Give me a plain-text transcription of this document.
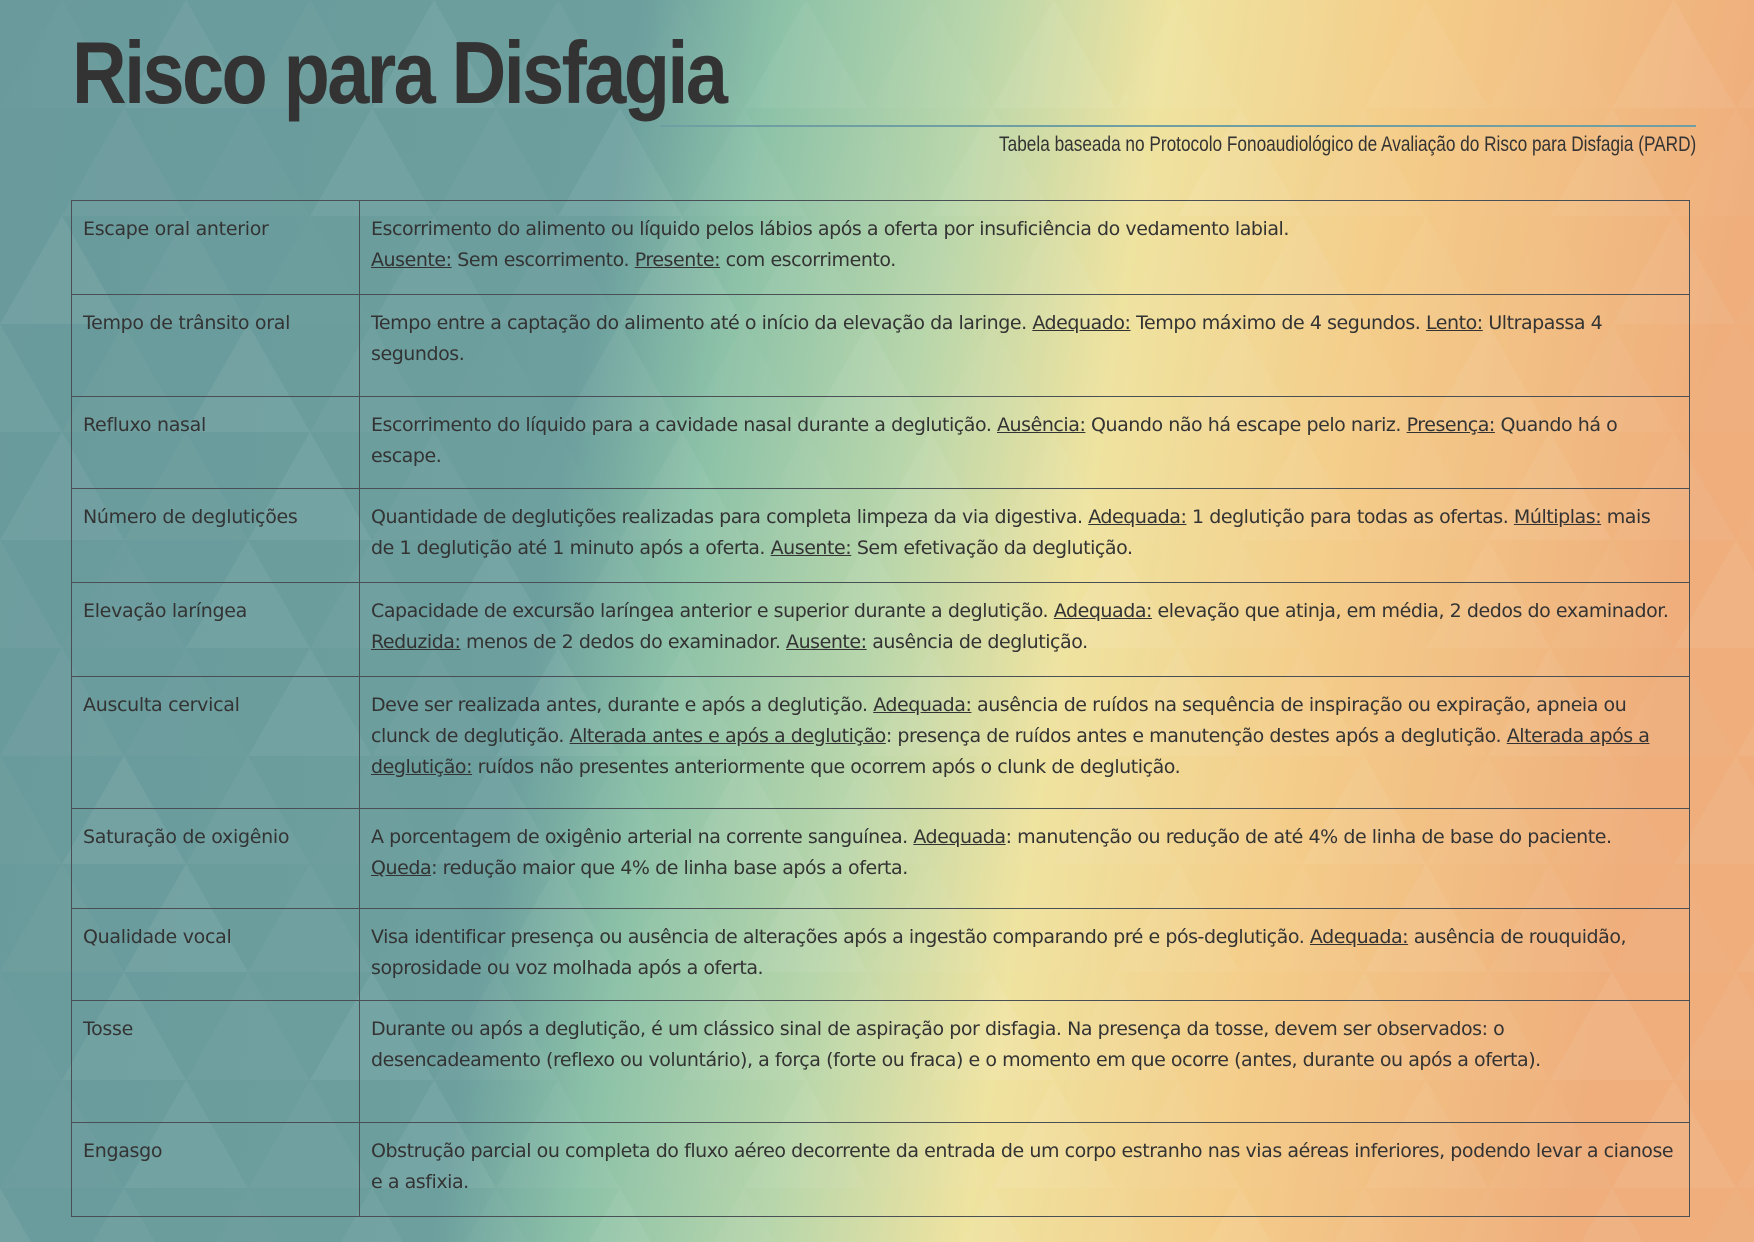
Risco para Disfagia
Tabela baseada no Protocolo Fonoaudiológico de Avaliação do Risco para Disfagia (PARD)
Escape oral anterior	Escorrimento do alimento ou líquido pelos lábios após a oferta por insuficiência do vedamento labial.
Ausente: Sem escorrimento. Presente: com escorrimento.
Tempo de trânsito oral	Tempo entre a captação do alimento até o início da elevação da laringe. Adequado: Tempo máximo de 4 segundos. Lento: Ultrapassa 4 segundos.
Refluxo nasal	Escorrimento do líquido para a cavidade nasal durante a deglutição. Ausência: Quando não há escape pelo nariz. Presença: Quando há o escape.
Número de deglutições	Quantidade de deglutições realizadas para completa limpeza da via digestiva. Adequada: 1 deglutição para todas as ofertas. Múltiplas: mais de 1 deglutição até 1 minuto após a oferta. Ausente: Sem efetivação da deglutição.
Elevação laríngea	Capacidade de excursão laríngea anterior e superior durante a deglutição. Adequada: elevação que atinja, em média, 2 dedos do examinador. Reduzida: menos de 2 dedos do examinador. Ausente: ausência de deglutição.
Ausculta cervical	Deve ser realizada antes, durante e após a deglutição. Adequada: ausência de ruídos na sequência de inspiração ou expiração, apneia ou clunck de deglutição. Alterada antes e após a deglutição: presença de ruídos antes e manutenção destes após a deglutição. Alterada após a deglutição: ruídos não presentes anteriormente que ocorrem após o clunk de deglutição.
Saturação de oxigênio	A porcentagem de oxigênio arterial na corrente sanguínea. Adequada: manutenção ou redução de até 4% de linha de base do paciente. Queda: redução maior que 4% de linha base após a oferta.
Qualidade vocal	Visa identificar presença ou ausência de alterações após a ingestão comparando pré e pós-deglutição. Adequada: ausência de rouquidão, soprosidade ou voz molhada após a oferta.
Tosse	Durante ou após a deglutição, é um clássico sinal de aspiração por disfagia. Na presença da tosse, devem ser observados: o desencadeamento (reflexo ou voluntário), a força (forte ou fraca) e o momento em que ocorre (antes, durante ou após a oferta).
Engasgo	Obstrução parcial ou completa do fluxo aéreo decorrente da entrada de um corpo estranho nas vias aéreas inferiores, podendo levar a cianose e a asfixia.
